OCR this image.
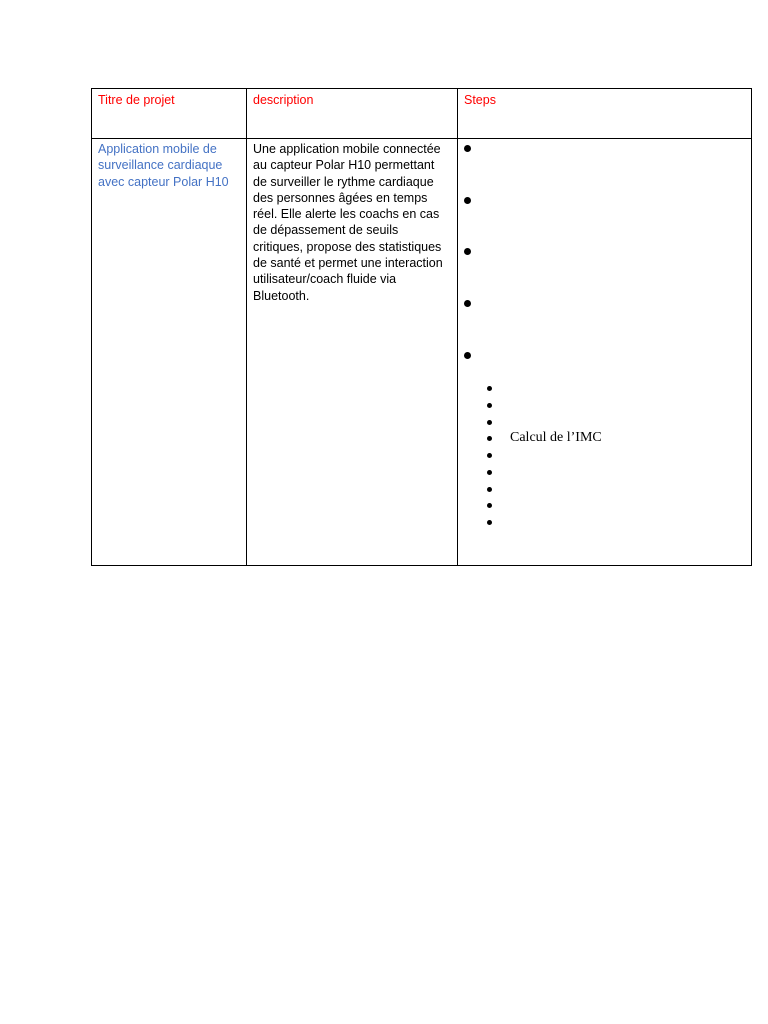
Titre de projet	description	Steps

Application mobile de surveillance cardiaque avec capteur Polar H10	Une application mobile connectée au capteur Polar H10 permettant de surveiller le rythme cardiaque des personnes âgées en temps réel. Elle alerte les coachs en cas de dépassement de seuils critiques, propose des statistiques de santé et permet une interaction utilisateur/coach fluide via Bluetooth.	Calcul de l’IMC
